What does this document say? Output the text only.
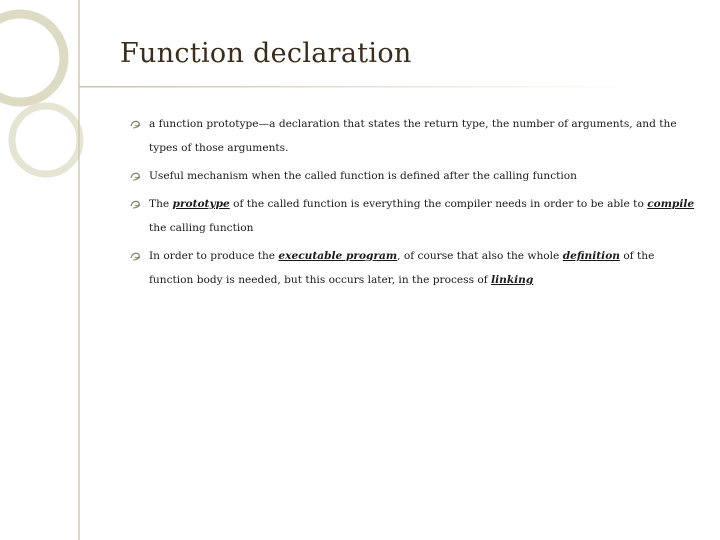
Function declaration
a function prototype—a declaration that states the return type, the number of arguments, and the types of those arguments.
Useful mechanism when the called function is defined after the calling function
The prototype of the called function is everything the compiler needs in order to be able to compile the calling function
In order to produce the executable program, of course that also the whole definition of the function body is needed, but this occurs later, in the process of linking
